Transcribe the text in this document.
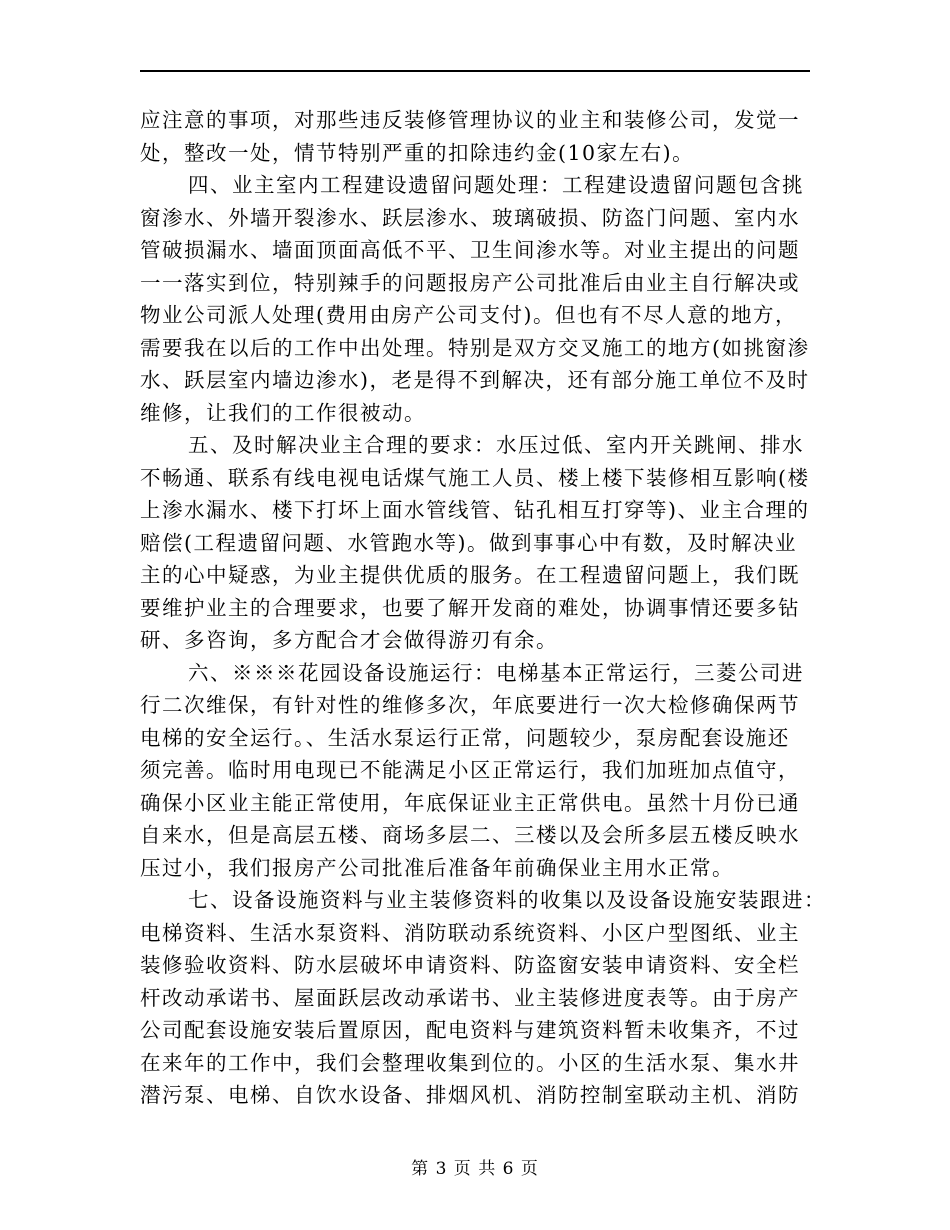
应注意的事项，对那些违反装修管理协议的业主和装修公司，发觉一
处，整改一处，情节特别严重的扣除违约金(10家左右)。
四、业主室内工程建设遗留问题处理：工程建设遗留问题包含挑
窗渗水、外墙开裂渗水、跃层渗水、玻璃破损、防盗门问题、室内水
管破损漏水、墙面顶面高低不平、卫生间渗水等。对业主提出的问题
一一落实到位，特别辣手的问题报房产公司批准后由业主自行解决或
物业公司派人处理(费用由房产公司支付)。但也有不尽人意的地方，
需要我在以后的工作中出处理。特别是双方交叉施工的地方(如挑窗渗
水、跃层室内墙边渗水)，老是得不到解决，还有部分施工单位不及时
维修，让我们的工作很被动。
五、及时解决业主合理的要求：水压过低、室内开关跳闸、排水
不畅通、联系有线电视电话煤气施工人员、楼上楼下装修相互影响(楼
上渗水漏水、楼下打坏上面水管线管、钻孔相互打穿等)、业主合理的
赔偿(工程遗留问题、水管跑水等)。做到事事心中有数，及时解决业
主的心中疑惑，为业主提供优质的服务。在工程遗留问题上，我们既
要维护业主的合理要求，也要了解开发商的难处，协调事情还要多钻
研、多咨询，多方配合才会做得游刃有余。
六、※※※花园设备设施运行：电梯基本正常运行，三菱公司进
行二次维保，有针对性的维修多次，年底要进行一次大检修确保两节
电梯的安全运行。、生活水泵运行正常，问题较少，泵房配套设施还
须完善。临时用电现已不能满足小区正常运行，我们加班加点值守，
确保小区业主能正常使用，年底保证业主正常供电。虽然十月份已通
自来水，但是高层五楼、商场多层二、三楼以及会所多层五楼反映水
压过小，我们报房产公司批准后准备年前确保业主用水正常。
七、设备设施资料与业主装修资料的收集以及设备设施安装跟进：
电梯资料、生活水泵资料、消防联动系统资料、小区户型图纸、业主
装修验收资料、防水层破坏申请资料、防盗窗安装申请资料、安全栏
杆改动承诺书、屋面跃层改动承诺书、业主装修进度表等。由于房产
公司配套设施安装后置原因，配电资料与建筑资料暂未收集齐，不过
在来年的工作中，我们会整理收集到位的。小区的生活水泵、集水井
潜污泵、电梯、自饮水设备、排烟风机、消防控制室联动主机、消防
第 3 页 共 6 页
